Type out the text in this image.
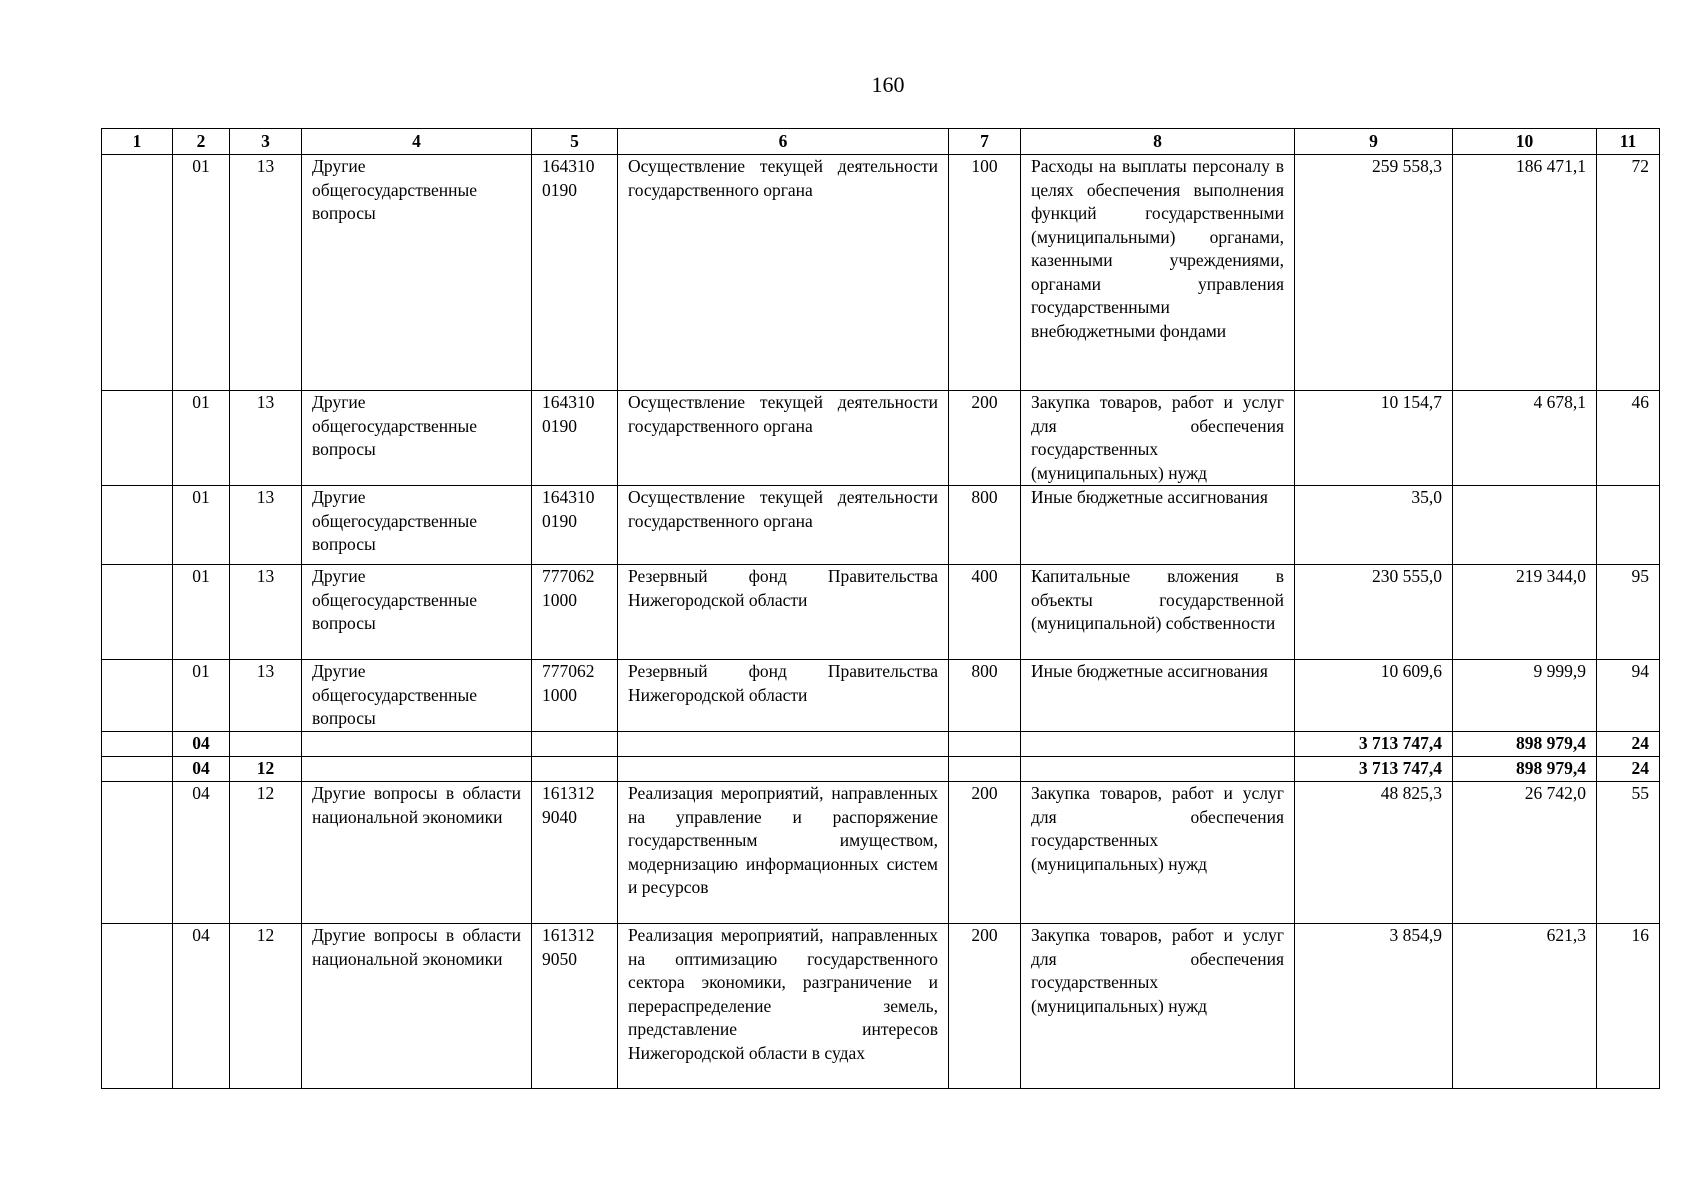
160
1	2	3	4	5	6	7	8	9	10	11
	01	13	Другие общегосударственные вопросы	164310 0190	Осуществление текущей деятельности государственного органа	100	Расходы на выплаты персоналу в целях обеспечения выполнения функций государственными (муниципальными) органами, казенными учреждениями, органами управления государственными внебюджетными фондами	259 558,3	186 471,1	72
	01	13	Другие общегосударственные вопросы	164310 0190	Осуществление текущей деятельности государственного органа	200	Закупка товаров, работ и услуг для обеспечения государственных (муниципальных) нужд	10 154,7	4 678,1	46
	01	13	Другие общегосударственные вопросы	164310 0190	Осуществление текущей деятельности государственного органа	800	Иные бюджетные ассигнования	35,0		
	01	13	Другие общегосударственные вопросы	777062 1000	Резервный фонд Правительства Нижегородской области	400	Капитальные вложения в объекты государственной (муниципальной) собственности	230 555,0	219 344,0	95
	01	13	Другие общегосударственные вопросы	777062 1000	Резервный фонд Правительства Нижегородской области	800	Иные бюджетные ассигнования	10 609,6	9 999,9	94
	04							3 713 747,4	898 979,4	24
	04	12						3 713 747,4	898 979,4	24
	04	12	Другие вопросы в области национальной экономики	161312 9040	Реализация мероприятий, направленных на управление и распоряжение государственным имуществом, модернизацию информационных систем и ресурсов	200	Закупка товаров, работ и услуг для обеспечения государственных (муниципальных) нужд	48 825,3	26 742,0	55
	04	12	Другие вопросы в области национальной экономики	161312 9050	Реализация мероприятий, направленных на оптимизацию государственного сектора экономики, разграничение и перераспределение земель, представление интересов Нижегородской области в судах	200	Закупка товаров, работ и услуг для обеспечения государственных (муниципальных) нужд	3 854,9	621,3	16
